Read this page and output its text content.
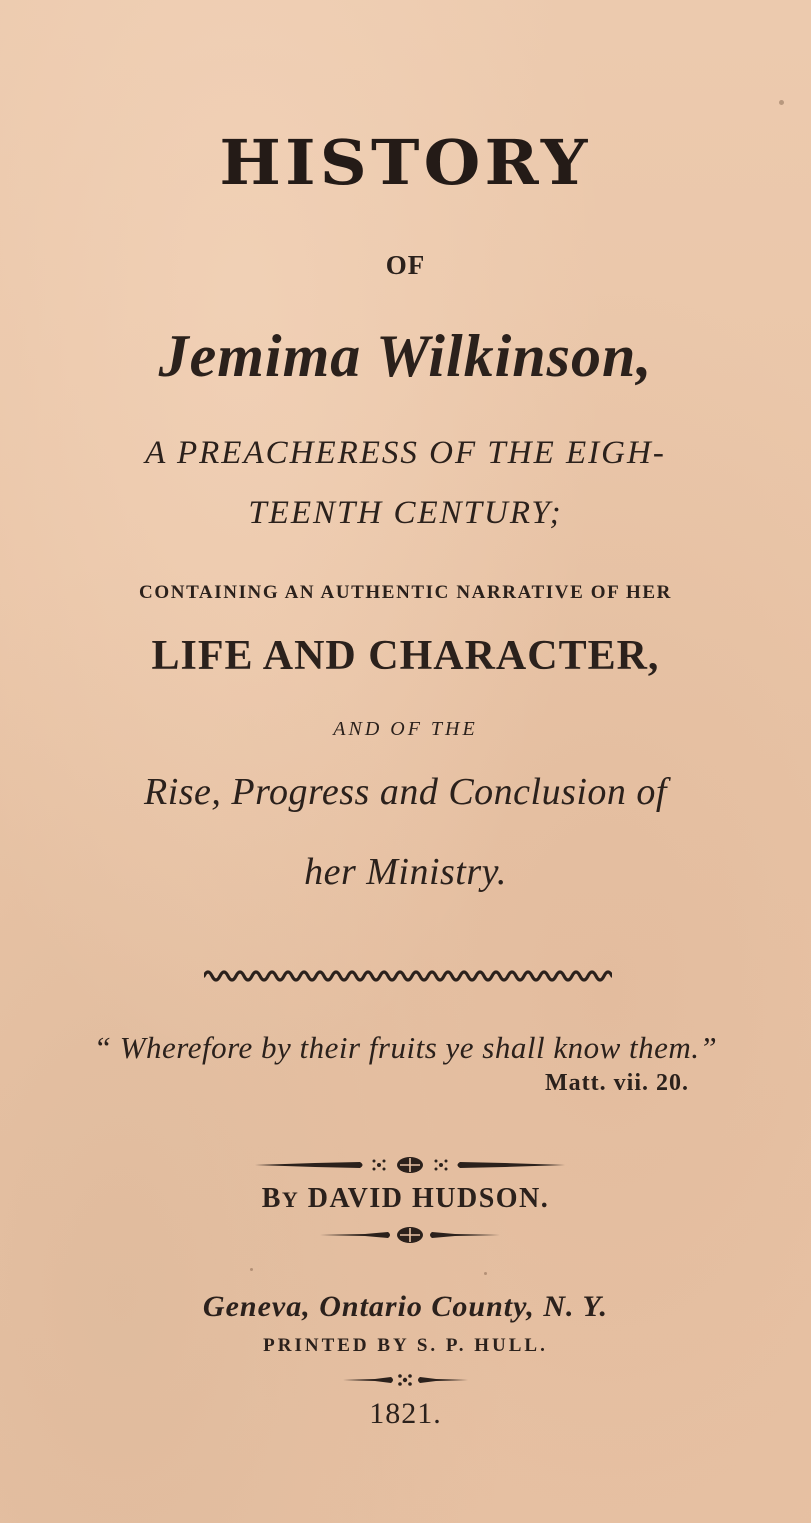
HISTORY
OF
Jemima Wilkinson,
A PREACHERESS OF THE EIGH-
TEENTH CENTURY;
CONTAINING AN AUTHENTIC NARRATIVE OF HER
LIFE AND CHARACTER,
AND OF THE
Rise, Progress and Conclusion of
her Ministry.
“ Wherefore by their fruits ye shall know them.”
Matt. vii. 20.
BY DAVID HUDSON.
Geneva, Ontario County, N. Y.
PRINTED BY S. P. HULL.
1821.
